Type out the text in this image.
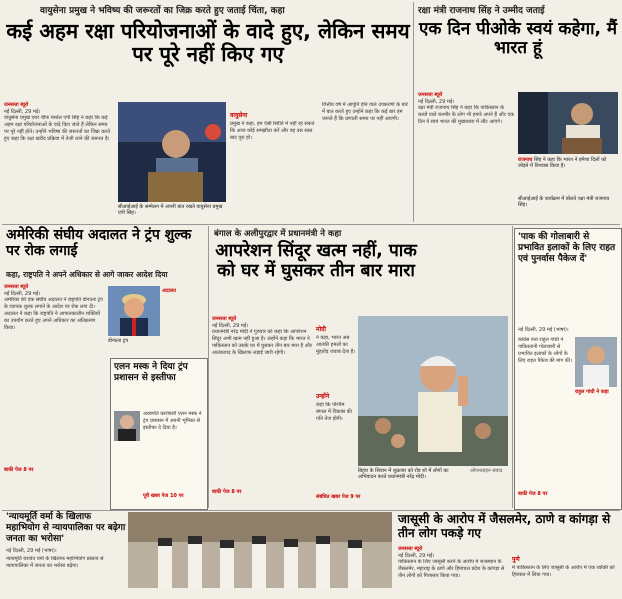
वायुसेना प्रमुख ने भविष्य की जरूरतों का जिक्र करते हुए जताई चिंता, कहा	रक्षा मंत्री राजनाथ सिंह ने उम्मीद जताई
कई अहम रक्षा परियोजनाओं के वादे हुए, लेकिन समय पर पूरे नहीं किए गए
जनसत्ता ब्यूरो
नई दिल्ली, 29 मई।
वायुसेना प्रमुख एयर चीफ मार्शल एपी सिंह ने कहा कि कई अहम रक्षा परियोजनाओं के वादे किए जाते हैं लेकिन समय पर पूरे नहीं होते। उन्होंने भविष्य की जरूरतों का जिक्र करते हुए कहा कि रक्षा खरीद प्रक्रिया में तेजी लाने की जरूरत है।
सीआईआई के सम्मेलन में अपनी बात रखते वायुसेना प्रमुख एपी सिंह।
वायुसेना
प्रमुख ने कहा, हम ऐसी स्थिति में नहीं रह सकते कि आज कोई समझौता करें और वह दस साल बाद पूरा हो।
वित्तीय वर्ष में आपूर्ति होने वाले उपकरणों के बारे में बात करते हुए उन्होंने कहा कि कई बार हम जानते हैं कि प्रणाली समय पर नहीं आएगी।
एक दिन पीओके स्वयं कहेगा, मैं भारत हूं
जनसत्ता ब्यूरो
नई दिल्ली, 29 मई।
रक्षा मंत्री राजनाथ सिंह ने कहा कि पाकिस्तान के कब्जे वाले कश्मीर के लोग भी हमारे अपने हैं और एक दिन वे स्वयं भारत की मुख्यधारा में लौट आएंगे।
राजनाथ सिंह ने कहा कि भारत ने हमेशा दिलों को जोड़ने में विश्वास किया है।
सीआईआई के कार्यक्रम में बोलते रक्षा मंत्री राजनाथ सिंह।
अमेरिकी संघीय अदालत ने ट्रंप शुल्क पर रोक लगाई
कहा, राष्ट्रपति ने अपने अधिकार से आगे जाकर आदेश दिया
जनसत्ता ब्यूरो
नई दिल्ली, 29 मई।
अमेरिका की एक संघीय अदालत ने राष्ट्रपति डोनाल्ड ट्रंप के व्यापक शुल्क लगाने के आदेश पर रोक लगा दी। अदालत ने कहा कि राष्ट्रपति ने आपातकालीन शक्तियों का उपयोग करते हुए अपने अधिकार का अतिक्रमण किया।
बाकी पेज 8 पर
डोनाल्ड ट्रंप
अदालत
एलन मस्क ने दिया ट्रंप प्रशासन से इस्तीफा
अरबपति कारोबारी एलन मस्क ने ट्रंप प्रशासन में अपनी भूमिका से इस्तीफा दे दिया है।
पूरी खबर पेज 10 पर
बंगाल के अलीपुरद्वार में प्रधानमंत्री ने कहा
आपरेशन सिंदूर खत्म नहीं, पाक को घर में घुसकर तीन बार मारा
जनसत्ता ब्यूरो
नई दिल्ली, 29 मई।
प्रधानमंत्री नरेंद्र मोदी ने गुरुवार को कहा कि आपरेशन सिंदूर अभी खत्म नहीं हुआ है। उन्होंने कहा कि भारत ने पाकिस्तान को उसके घर में घुसकर तीन बार मारा है और आतंकवाद के खिलाफ लड़ाई जारी रहेगी।
बाकी पेज 8 पर
मोदी
ने कहा, भारत अब आतंकी हमलों का मुंहतोड़ जवाब देता है।
उन्होंने
कहा कि पश्चिम बंगाल में विकास की गति तेज होगी।
बिहार के सिवान में शुक्रवार को रोड शो में लोगों का अभिवादन करते प्रधानमंत्री नरेंद्र मोदी।
ओपनलाइन संवाद
संबंधित खबर पेज 9 पर
'पाक की गोलाबारी से प्रभावित इलाकों के लिए राहत एवं पुनर्वास पैकेज दें'
नई दिल्ली, 29 मई (भाषा)।
कांग्रेस नेता राहुल गांधी ने पाकिस्तानी गोलाबारी से प्रभावित इलाकों के लोगों के लिए राहत पैकेज की मांग की।
राहुल गांधी ने कहा
बाकी पेज 8 पर
'न्यायमूर्ति वर्मा के खिलाफ महाभियोग से न्यायपालिका पर बढ़ेगा जनता का भरोसा'
नई दिल्ली, 29 मई (भाषा)।
न्यायमूर्ति यशवंत वर्मा के खिलाफ महाभियोग प्रस्ताव से न्यायपालिका में जनता का भरोसा बढ़ेगा।
जासूसी के आरोप में जैसलमेर, ठाणे व कांगड़ा से तीन लोग पकड़े गए
जनसत्ता ब्यूरो
नई दिल्ली, 29 मई।
पाकिस्तान के लिए जासूसी करने के आरोप में राजस्थान के जैसलमेर, महाराष्ट्र के ठाणे और हिमाचल प्रदेश के कांगड़ा से तीन लोगों को गिरफ्तार किया गया।
पुणे
में पाकिस्तान के लिए जासूसी के आरोप में एक व्यक्ति को हिरासत में लिया गया।
